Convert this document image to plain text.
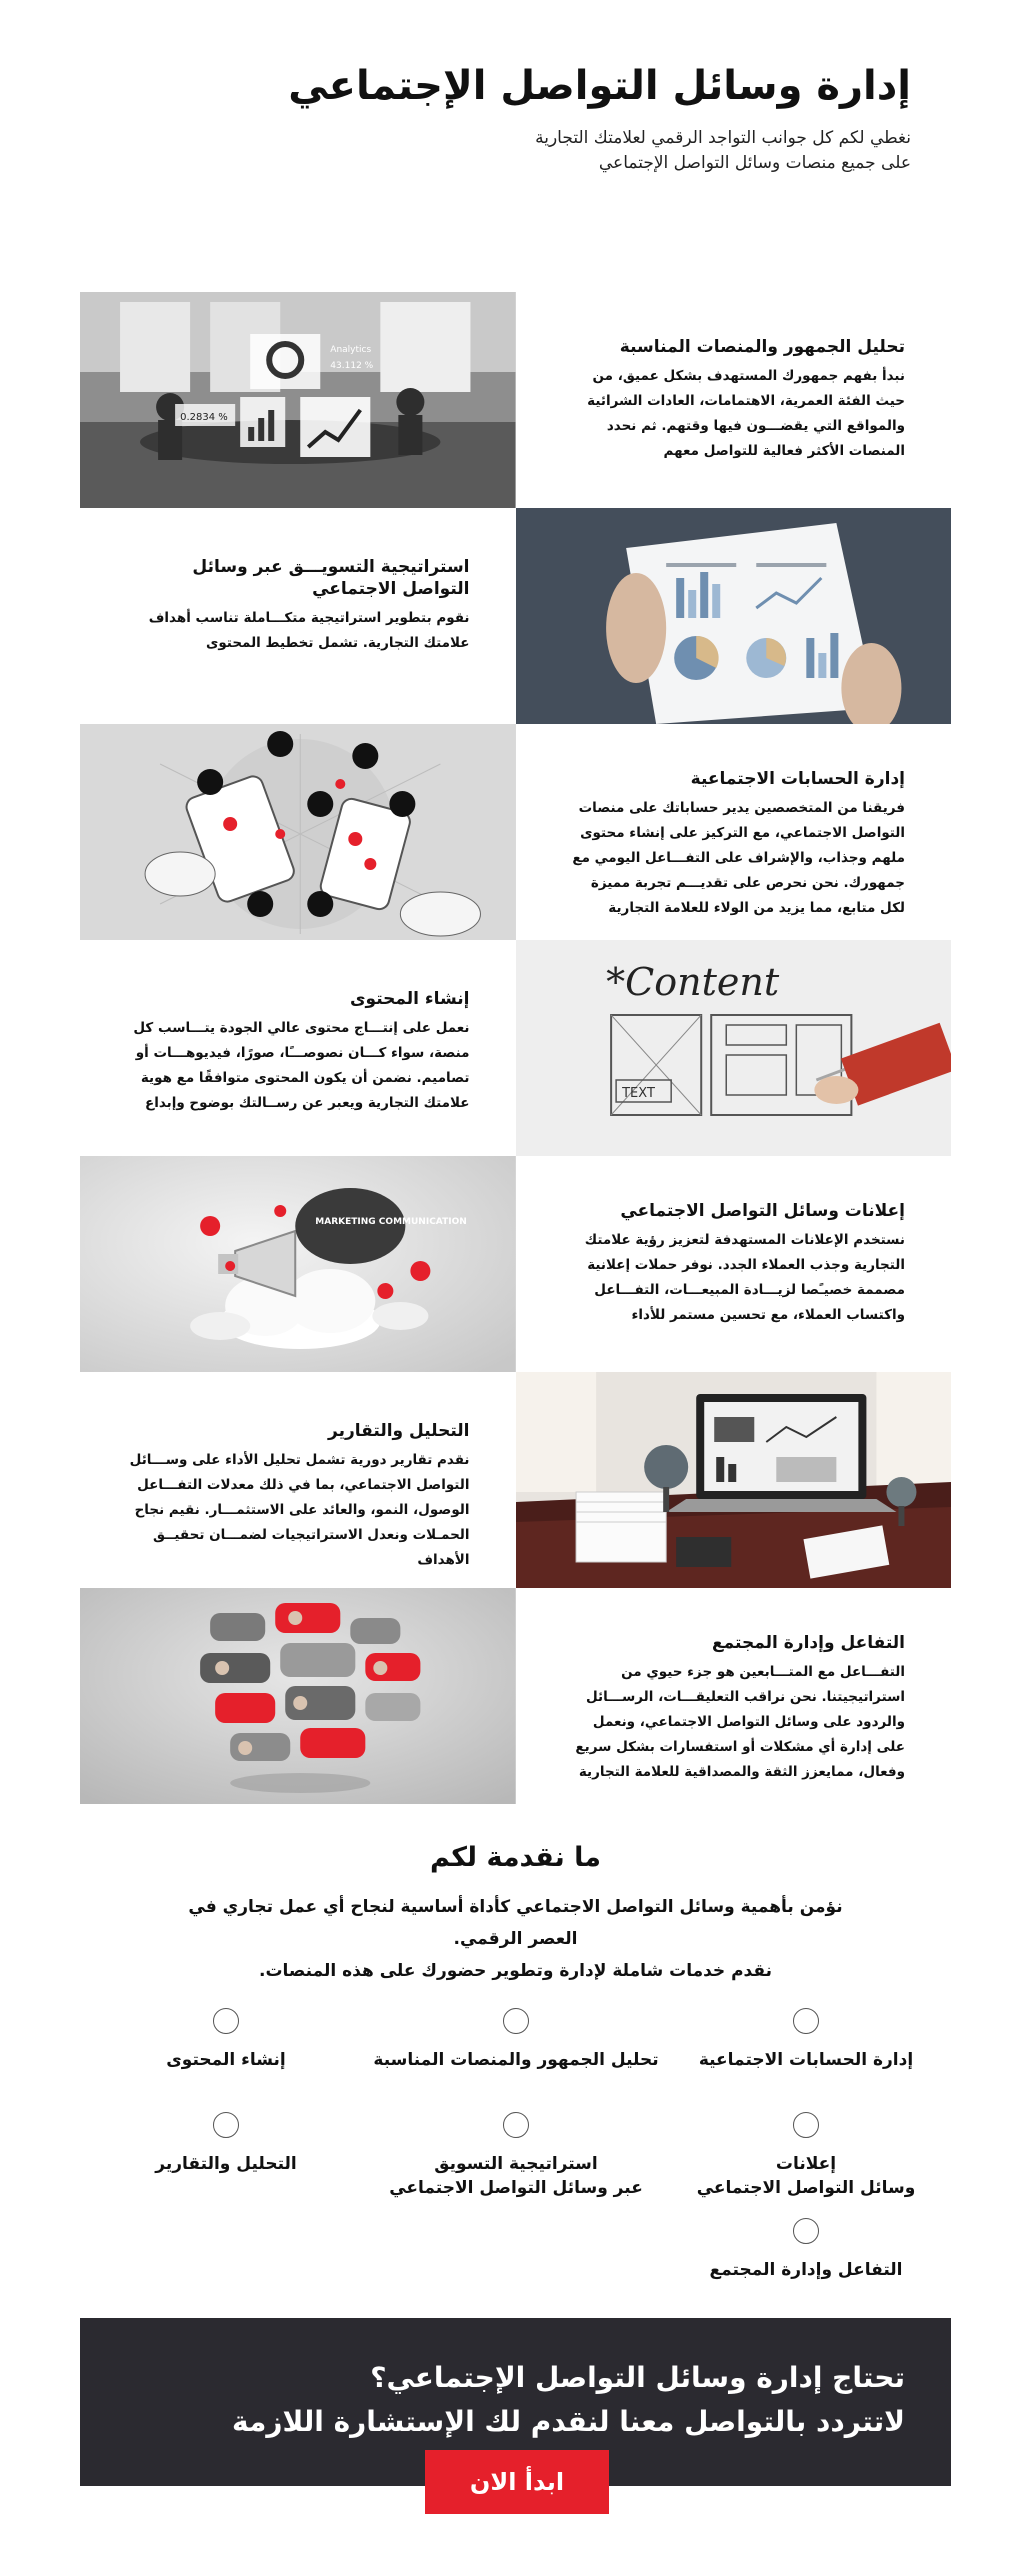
إدارة وسائل التواصل الإجتماعي

نغطي لكم كل جوانب التواجد الرقمي لعلامتك التجارية
على جميع منصات وسائل التواصل الإجتماعي

0.2834 %
Analytics
43.112 %
تحليل الجمهور والمنصات المناسبة

نبدأ بفهم جمهورك المستهدف بشكل عميق، من حيث الفئة العمرية، الاهتمامات، العادات الشرائية والمواقع التي يقضـــون فيها وقتهم. ثم نحدد المنصات الأكثر فعالية للتواصل معهم

استراتيجية التسويـــق عبر وسائل التواصل الاجتماعي

نقوم بتطوير استراتيجية متكـــاملة تناسب أهداف علامتك التجارية. تشمل تخطيط المحتوى

إدارة الحسابات الاجتماعية

فريقنا من المتخصصين يدير حساباتك على منصات التواصل الاجتماعي، مع التركيز على إنشاء محتوى ملهم وجذاب، والإشراف على التفـــاعل اليومي مع جمهورك. نحن نحرص على تقديـــم تجربة مميزة لكل متابع، مما يزيد من الولاء للعلامة التجارية

إنشاء المحتوى

نعمل على إنتـــاج محتوى عالي الجودة يتـــاسب كل منصة، سواء كـــان نصوصـــًا، صورًا، فيديوهـــات أو تصاميم. نضمن أن يكون المحتوى متوافقًا مع هوية علامتك التجارية ويعبر عن رســالتك بوضوح وإبداع

*Content
TEXT
MARKETING COMMUNICATION
إعلانات وسائل التواصل الاجتماعي

نستخدم الإعلانات المستهدفة لتعزيز رؤية علامتك التجارية وجذب العملاء الجدد. نوفر حملات إعلانية مصممة خصيـًصا لزيـــادة المبيعـــات، التفـــاعل واكتساب العملاء، مع تحسين مستمر للأداء

التحليل والتقارير

نقدم تقارير دورية تشمل تحليل الأداء على وســـائل التواصل الاجتماعي، بما في ذلك معدلات التفـــاعل الوصول، النمو، والعائد على الاستثمـــار. نقيم نجاح الحمـلات ونعدل الاستراتيجيات لضمـــان تحقيــق الأهداف

التفاعل وإدارة المجتمع

التفـــاعل مع المتـــابعين هو جزء حيوي من استراتيجيتنا. نحن نراقب التعليقـــات، الرســـائل والردود على وسائل التواصل الاجتماعي، ونعمل على إدارة أي مشكلات أو استفسارات بشكل سريع وفعال، ممايعزز الثقة والمصداقية للعلامة التجارية

ما نقدمة لكم

نؤمن بأهمية وسائل التواصل الاجتماعي كأداة أساسية لنجاح أي عمل تجاري في
العصر الرقمي.
نقدم خدمات شاملة لإدارة وتطوير حضورك على هذه المنصات.

إدارة الحسابات الاجتماعية
تحليل الجمهور والمنصات المناسبة
إنشاء المحتوى
إعلانات
وسائل التواصل الاجتماعي
استراتيجية التسويق
عبر وسائل التواصل الاجتماعي
التحليل والتقارير
التفاعل وإدارة المجتمع
تحتاج إدارة وسائل التواصل الإجتماعي؟
لاتتردد بالتواصل معنا لنقدم لك الإستشارة اللازمة
ابدأ الان
